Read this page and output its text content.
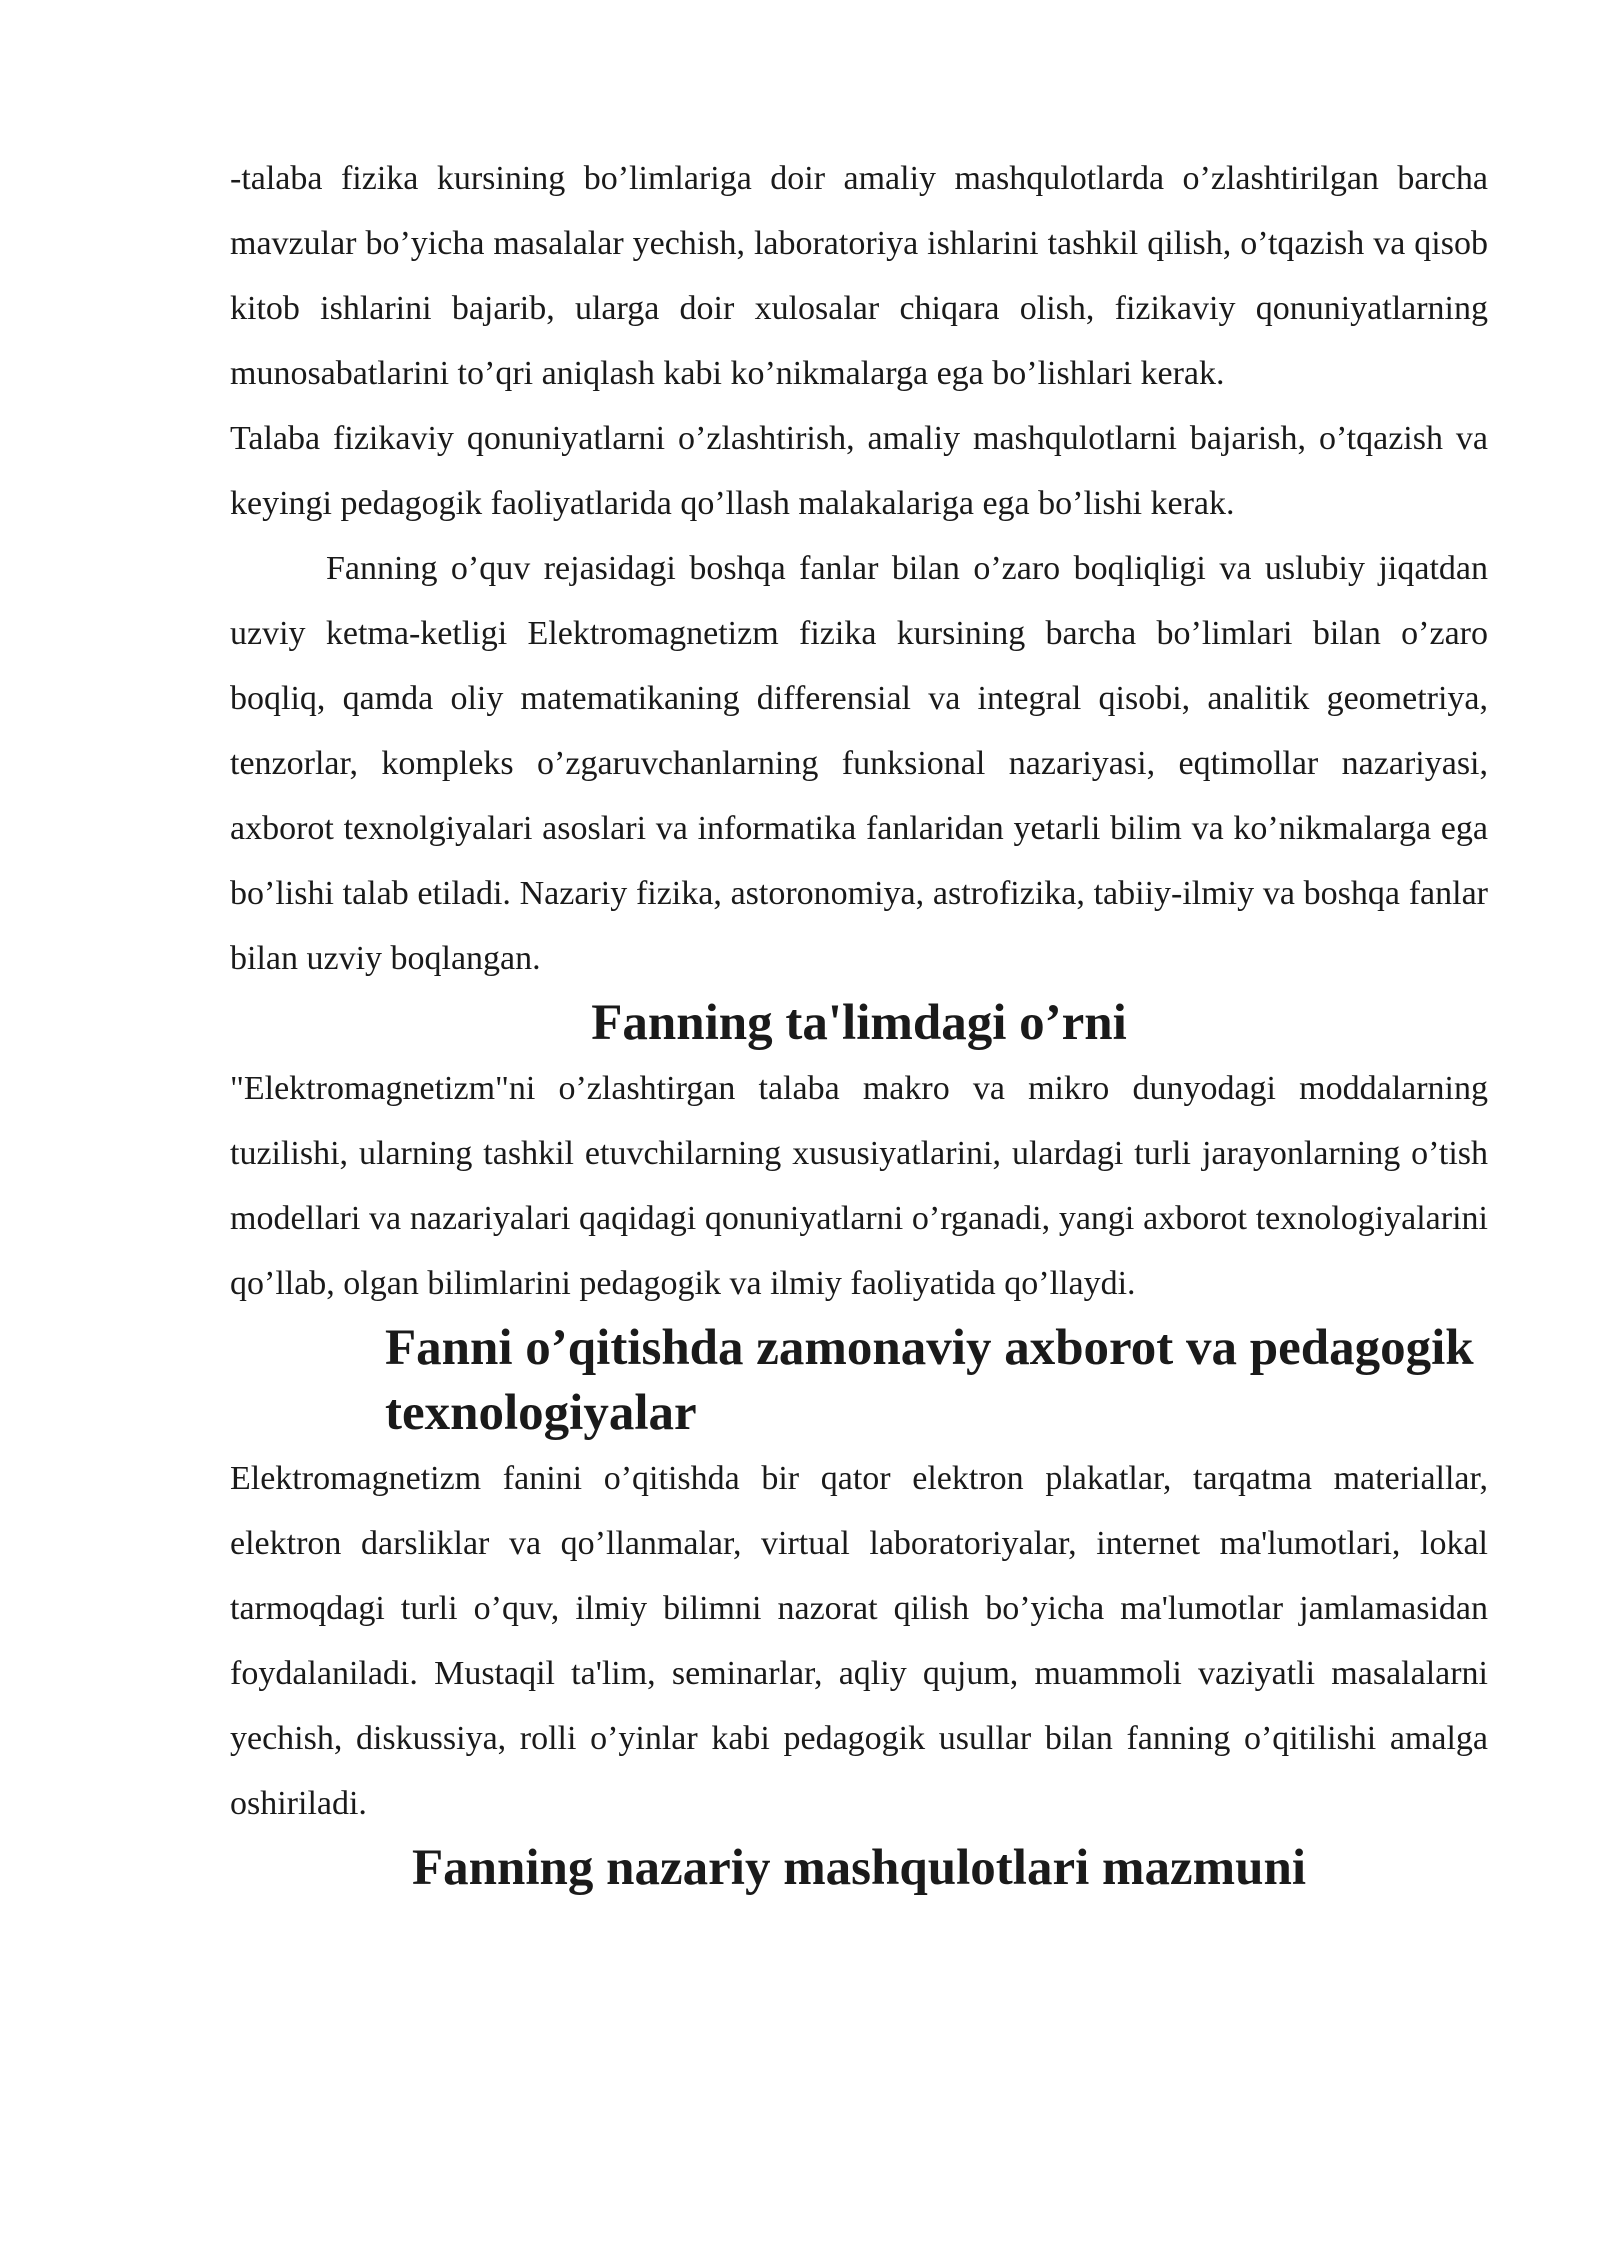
-talaba fizika kursining bo’limlariga doir amaliy mashqulotlarda o’zlashtirilgan barcha mavzular bo’yicha masalalar yechish, laboratoriya ishlarini tashkil qilish, o’tqazish va qisob kitob ishlarini bajarib, ularga doir xulosalar chiqara olish, fizikaviy qonuniyatlarning munosabatlarini to’qri aniqlash kabi ko’nikmalarga ega bo’lishlari kerak.

Talaba fizikaviy qonuniyatlarni o’zlashtirish, amaliy mashqulotlarni bajarish, o’tqazish va keyingi pedagogik faoliyatlarida qo’llash malakalariga ega bo’lishi kerak.

Fanning o’quv rejasidagi boshqa fanlar bilan o’zaro boqliqligi va uslubiy jiqatdan uzviy ketma-ketligi Elektromagnetizm fizika kursining barcha bo’limlari bilan o’zaro boqliq, qamda oliy matematikaning differensial va integral qisobi, analitik geometriya, tenzorlar, kompleks o’zgaruvchanlarning funksional nazariyasi, eqtimollar nazariyasi, axborot texnolgiyalari asoslari va informatika fanlaridan yetarli bilim va ko’nikmalarga ega bo’lishi talab etiladi. Nazariy fizika, astoronomiya, astrofizika, tabiiy-ilmiy va boshqa fanlar bilan uzviy boqlangan.

Fanning ta'limdagi o’rni

"Elektromagnetizm"ni o’zlashtirgan talaba makro va mikro dunyodagi moddalarning tuzilishi, ularning tashkil etuvchilarning xususiyatlarini, ulardagi turli jarayonlarning o’tish modellari va nazariyalari qaqidagi qonuniyatlarni o’rganadi, yangi axborot texnologiyalarini qo’llab, olgan bilimlarini pedagogik va ilmiy faoliyatida qo’llaydi.

Fanni o’qitishda zamonaviy axborot va pedagogik texnologiyalar

Elektromagnetizm fanini o’qitishda bir qator elektron plakatlar, tarqatma materiallar, elektron darsliklar va qo’llanmalar, virtual laboratoriyalar, internet ma'lumotlari, lokal tarmoqdagi turli o’quv, ilmiy bilimni nazorat qilish bo’yicha ma'lumotlar jamlamasidan foydalaniladi. Mustaqil ta'lim, seminarlar, aqliy qujum, muammoli vaziyatli masalalarni yechish, diskussiya, rolli o’yinlar kabi pedagogik usullar bilan fanning o’qitilishi amalga oshiriladi.

Fanning nazariy mashqulotlari mazmuni
